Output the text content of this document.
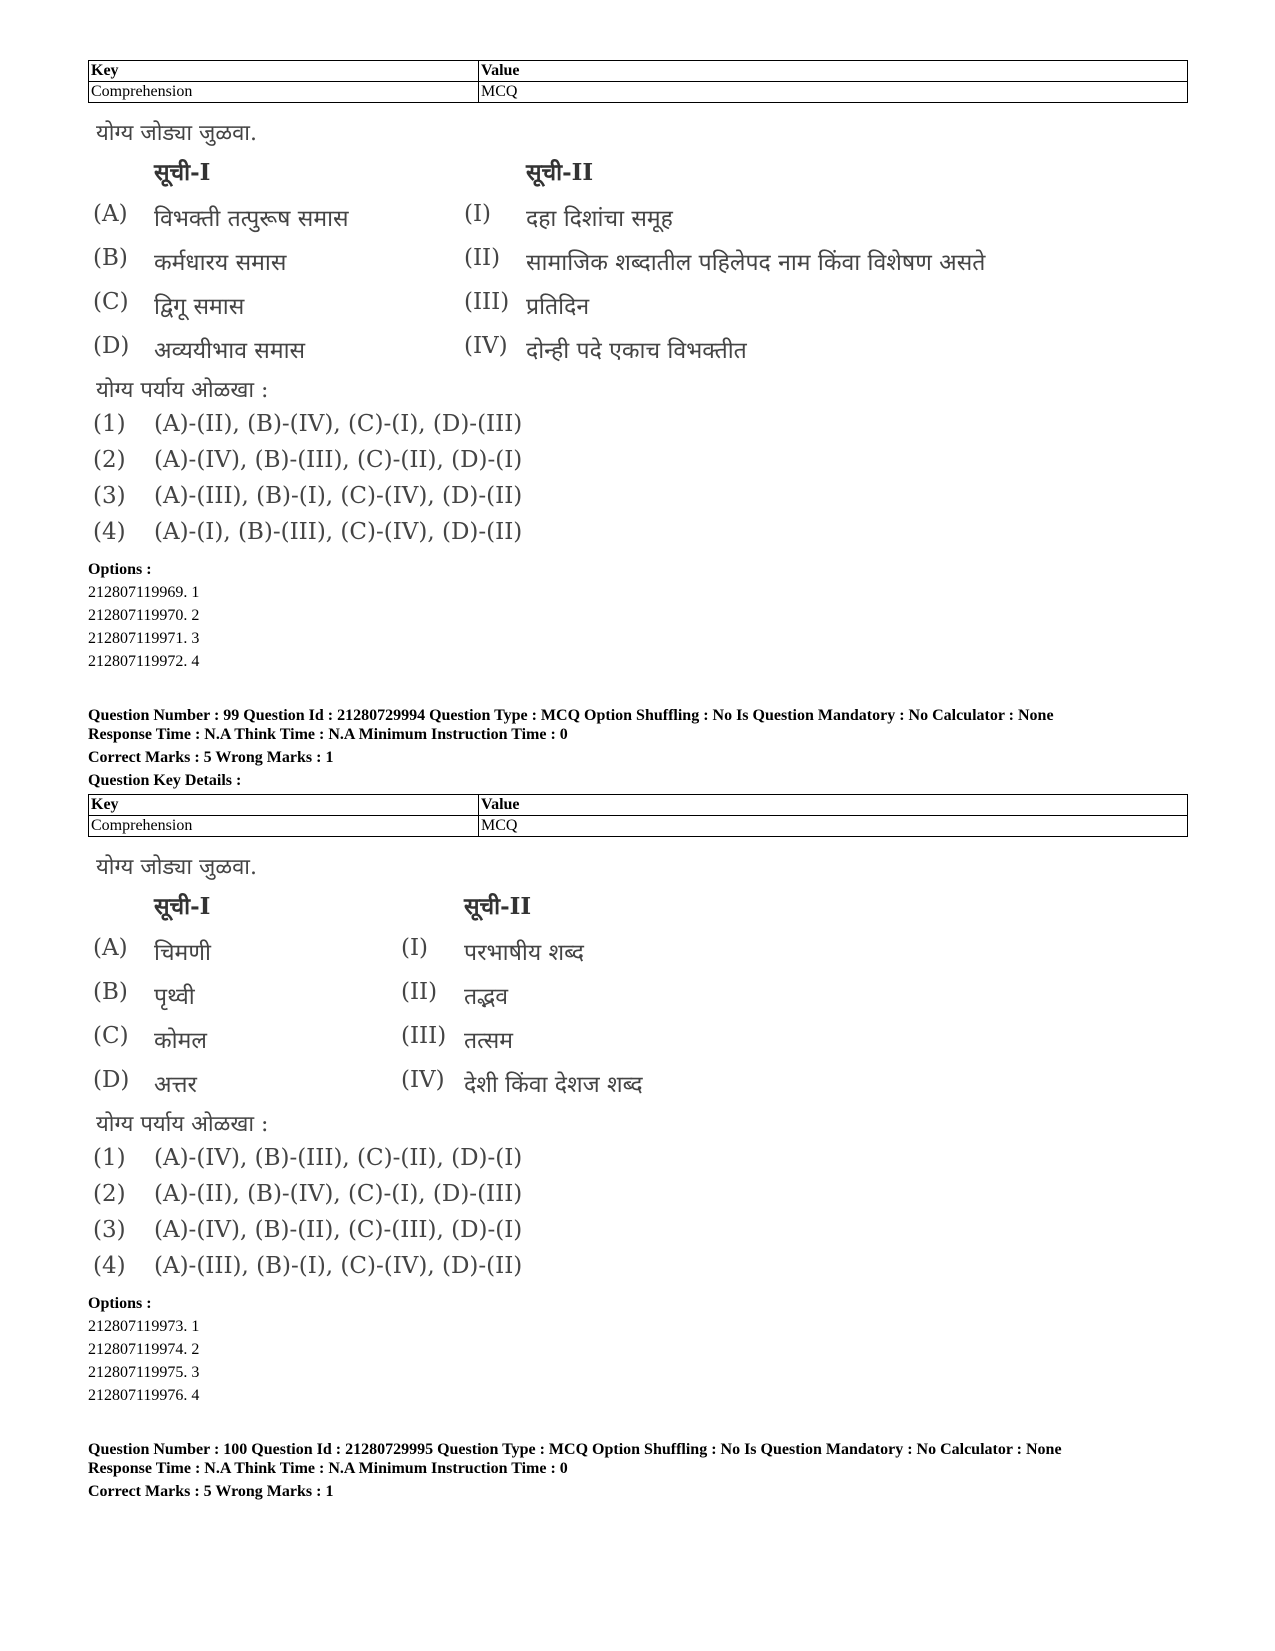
Key	Value
Comprehension	MCQ
योग्य जोड्या जुळवा.
सूची-I	सूची-II
(A) विभक्ती तत्पुरूष समास	(I) दहा दिशांचा समूह
(B) कर्मधारय समास	(II) सामाजिक शब्दातील पहिलेपद नाम किंवा विशेषण असते
(C) द्विगू समास	(III) प्रतिदिन
(D) अव्ययीभाव समास	(IV) दोन्ही पदे एकाच विभक्तीत
योग्य पर्याय ओळखा :
(1) (A)-(II), (B)-(IV), (C)-(I), (D)-(III)
(2) (A)-(IV), (B)-(III), (C)-(II), (D)-(I)
(3) (A)-(III), (B)-(I), (C)-(IV), (D)-(II)
(4) (A)-(I), (B)-(III), (C)-(IV), (D)-(II)
Options :
212807119969. 1
212807119970. 2
212807119971. 3
212807119972. 4
Question Number : 99 Question Id : 21280729994 Question Type : MCQ Option Shuffling : No Is Question Mandatory : No Calculator : None
Response Time : N.A Think Time : N.A Minimum Instruction Time : 0
Correct Marks : 5 Wrong Marks : 1
Question Key Details :
Key	Value
Comprehension	MCQ
योग्य जोड्या जुळवा.
सूची-I	सूची-II
(A) चिमणी	(I) परभाषीय शब्द
(B) पृथ्वी	(II) तद्भव
(C) कोमल	(III) तत्सम
(D) अत्तर	(IV) देशी किंवा देशज शब्द
योग्य पर्याय ओळखा :
(1) (A)-(IV), (B)-(III), (C)-(II), (D)-(I)
(2) (A)-(II), (B)-(IV), (C)-(I), (D)-(III)
(3) (A)-(IV), (B)-(II), (C)-(III), (D)-(I)
(4) (A)-(III), (B)-(I), (C)-(IV), (D)-(II)
Options :
212807119973. 1
212807119974. 2
212807119975. 3
212807119976. 4
Question Number : 100 Question Id : 21280729995 Question Type : MCQ Option Shuffling : No Is Question Mandatory : No Calculator : None
Response Time : N.A Think Time : N.A Minimum Instruction Time : 0
Correct Marks : 5 Wrong Marks : 1
